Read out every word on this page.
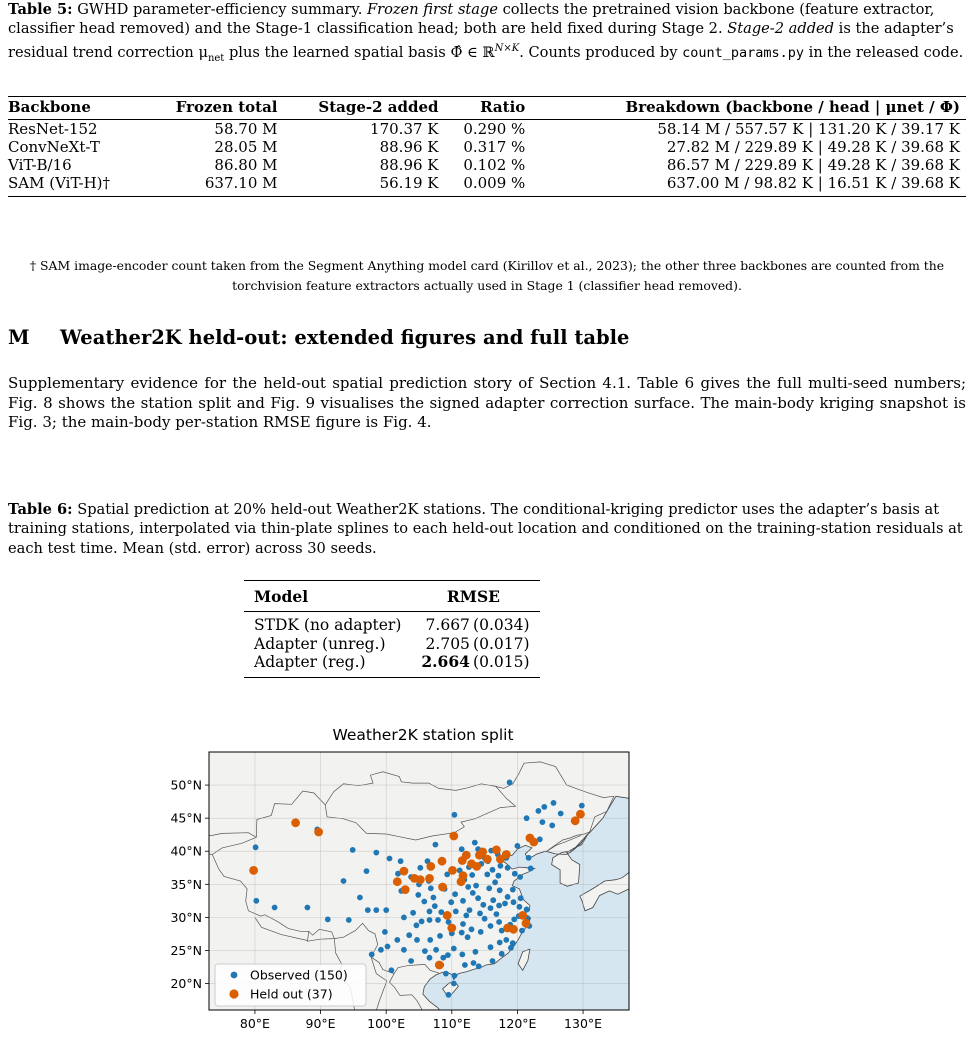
Table 5: GWHD parameter-efficiency summary. Frozen first stage collects the pretrained vision backbone (feature extractor, classifier head removed) and the Stage-1 classification head; both are held fixed during Stage 2. Stage-2 added is the adapter’s residual trend correction $\mu_{net}$ plus the learned spatial basis Φ̂ ∈ ℝ$^{N\times K}$. Counts produced by count_params.py in the released code.

Backbone	Frozen total	Stage-2 added	Ratio	Breakdown (backbone / head | μnet / Φ)
ResNet-152	58.70 M	170.37 K	0.290 %	58.14 M / 557.57 K | 131.20 K / 39.17 K
ConvNeXt-T	28.05 M	88.96 K	0.317 %	27.82 M / 229.89 K | 49.28 K / 39.68 K
ViT-B/16	86.80 M	88.96 K	0.102 %	86.57 M / 229.89 K | 49.28 K / 39.68 K
SAM (ViT-H)†	637.10 M	56.19 K	0.009 %	637.00 M / 98.82 K | 16.51 K / 39.68 K
† SAM image-encoder count taken from the Segment Anything model card (Kirillov et al., 2023); the other three backbones are counted from the torchvision feature extractors actually used in Stage 1 (classifier head removed).
M Weather2K held-out: extended figures and full table

Supplementary evidence for the held-out spatial prediction story of Section 4.1. Table 6 gives the full multi-seed numbers; Fig. 8 shows the station split and Fig. 9 visualises the signed adapter correction surface. The main-body kriging snapshot is Fig. 3; the main-body per-station RMSE figure is Fig. 4.

Table 6: Spatial prediction at 20% held-out Weather2K stations. The conditional-kriging predictor uses the adapter’s basis at training stations, interpolated via thin-plate splines to each held-out location and conditioned on the training-station residuals at each test time. Mean (std. error) across 30 seeds.

Model	RMSE
STDK (no adapter)	7.667  (0.034)
Adapter (unreg.)	2.705  (0.017)
Adapter (reg.)	2.664  (0.015)
Weather2K station split
80°E	90°E	100°E 110°E 120°E 130°E
20°N
25°N
30°N
35°N
40°N
45°N
50°N
Observed (150)
Held out (37)
